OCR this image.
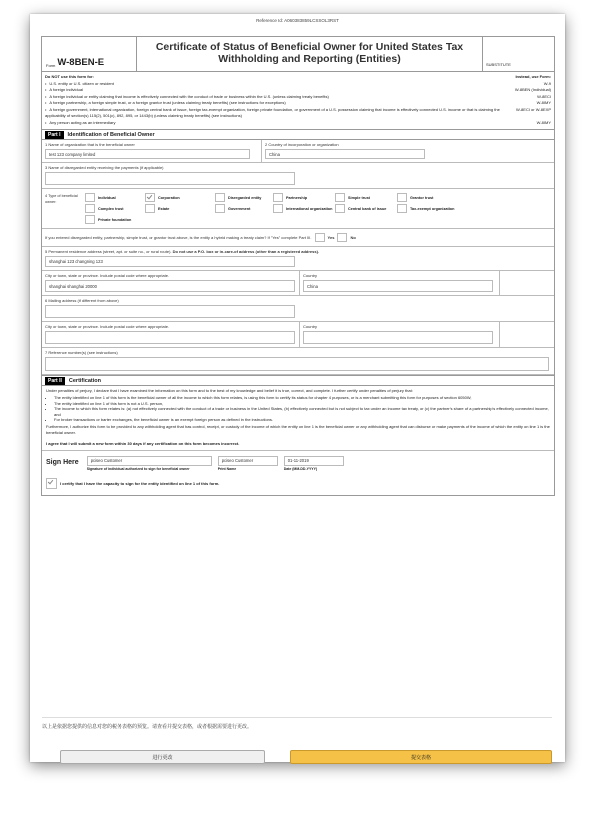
Reference Id: A060383859LCSSOL3RST
Form W-8BEN-E
Certificate of Status of Beneficial Owner for United States Tax Withholding and Reporting (Entities)	SUBSTITUTE
Do NOT use this form for:	Instead, use Form:
• U.S. entity or U.S. citizen or resident	W-9
• A foreign individual	W-8BEN (Individual)
• A foreign individual or entity claiming that income is effectively connected with the conduct of trade or business within the U.S. (unless claiming treaty benefits)	W-8ECI
• A foreign partnership, a foreign simple trust, or a foreign grantor trust (unless claiming treaty benefits) (see instructions for exceptions)	W-8IMY
• A foreign government, international organization, foreign central bank of issue, foreign tax-exempt organization, foreign private foundation, or government of a U.S. possession claiming that income is effectively connected U.S. income or that is claiming the applicability of section(s) 115(2), 501(c), 892, 895, or 1443(b) (unless claiming treaty benefits) (see instructions)
W-8ECI or W-8EXP
• Any person acting as an intermediary	W-8IMY
Part I	Identification of Beneficial Owner
1 Name of organization that is the beneficial owner
test 123 company limited
2 Country of incorporation or organization
China
3 Name of disregarded entity receiving the payments (if applicable)
4 Type of beneficial owner:
Individual	Corporation	Disregarded entity	Partnership	Simple trust	Grantor trust
Complex trust	Estate	Government	International organization	Central bank of issue	Tax-exempt organization
Private foundation
If you entered disregarded entity, partnership, simple trust, or grantor trust above, is the entity a hybrid making a treaty claim? If "Yes" complete Part III.	Yes	No
5 Permanent residence address (street, apt. or suite no., or rural route). Do not use a P.O. box or in-care-of address (other than a registered address).
shanghai 123 changning 123
City or town, state or province. Include postal code where appropriate.
shanghai shanghai 20000
Country
China
6 Mailing address (if different from above)
City or town, state or province. Include postal code where appropriate.	Country
7 Reference number(s) (see instructions)
Part II	Certification
Under penalties of perjury, I declare that I have examined the information on this form and to the best of my knowledge and belief it is true, correct, and complete. I further certify under penalties of perjury that:
• The entity identified on line 1 of this form is the beneficial owner of all the income to which this form relates, is using this form to certify its status for chapter 4 purposes, or is a merchant submitting this form for purposes of section 6050W,
• The entity identified on line 1 of this form is not a U.S. person,
• The income to which this form relates is: (a) not effectively connected with the conduct of a trade or business in the United States, (b) effectively connected but is not subject to tax under an income tax treaty, or (c) the partner's share of a partnership's effectively connected income, and
• For broker transactions or barter exchanges, the beneficial owner is an exempt foreign person as defined in the instructions.
Furthermore, I authorize this form to be provided to any withholding agent that has control, receipt, or custody of the income of which the entity on line 1 is the beneficial owner or any withholding agent that can disburse or make payments of the income of which the entity on line 1 is the beneficial owner.
I agree that I will submit a new form within 30 days if any certification on this form becomes incorrect.
Sign Here	pciseo Customer
Signature of individual authorized to sign for beneficial owner
pciseo Customer
Print Name
01-11-2019
Date (MM-DD-YYYY)
I certify that I have the capacity to sign for the entity identified on line 1 of this form.
以上是依据您提供的信息对您的税务表格的预览。请查看并提交表格，或者根据需要进行更改。
进行更改	提交表格
